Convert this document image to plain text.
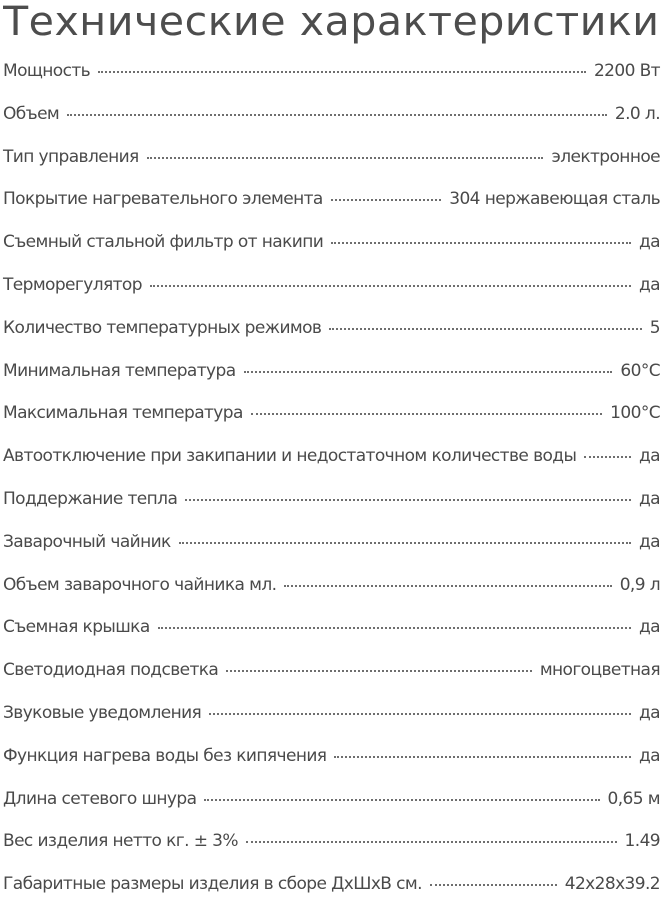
Технические характеристики
Мощность	2200 Вт
Объем	2.0 л.
Тип управления	электронное
Покрытие нагревательного элемента	304 нержавеющая сталь
Съемный стальной фильтр от накипи	да
Терморегулятор	да
Количество температурных режимов	5
Минимальная температура	60°С
Максимальная температура	100°С
Автоотключение при закипании и недостаточном количестве воды	да
Поддержание тепла	да
Заварочный чайник	да
Объем заварочного чайника мл.	0,9 л
Съемная крышка	да
Светодиодная подсветка	многоцветная
Звуковые уведомления	да
Функция нагрева воды без кипячения	да
Длина сетевого шнура	0,65 м
Вес изделия нетто кг. ± 3%	1.49
Габаритные размеры изделия в сборе ДхШхВ см.	42х28х39.2
